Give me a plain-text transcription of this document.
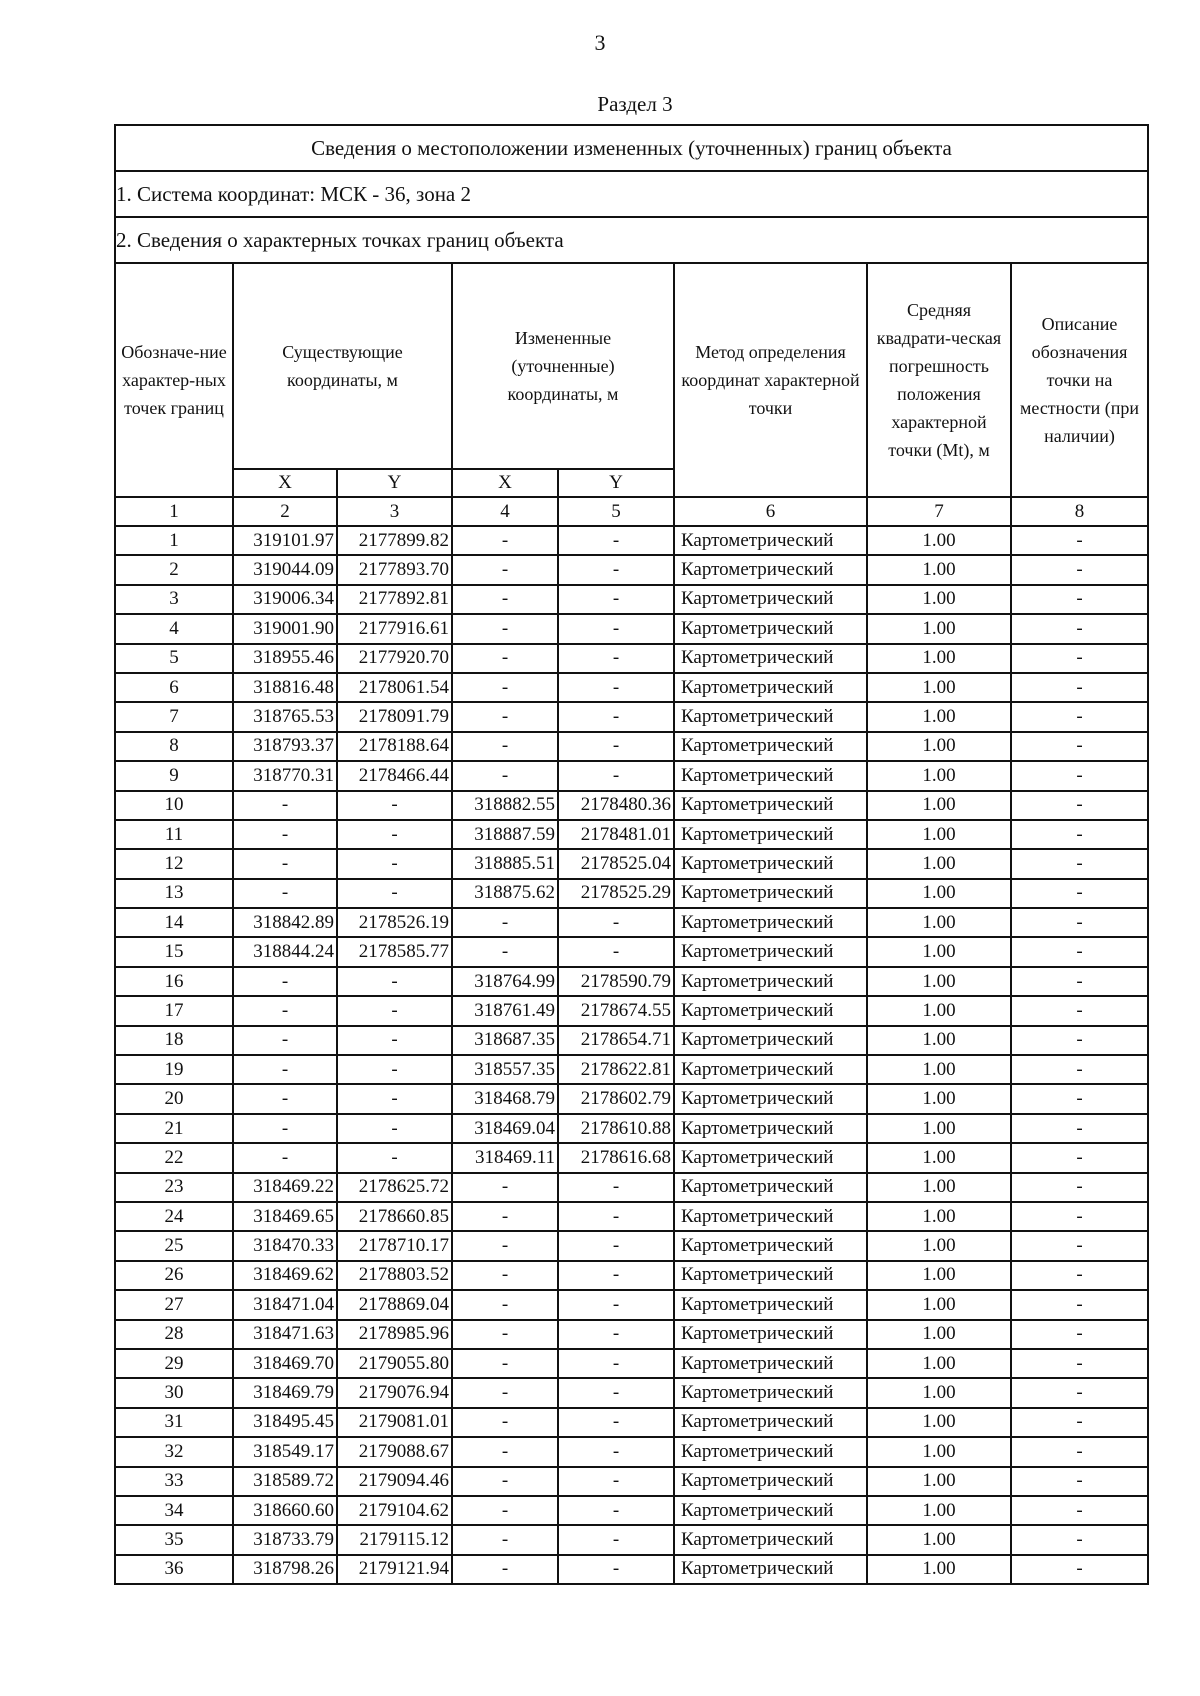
3
Раздел 3
Сведения о местоположении измененных (уточненных) границ объекта							
1. Система координат: МСК - 36, зона 2							
2. Сведения о характерных точках границ объекта							
Обозначе-ние характер-ных точек границ	Существующие координаты, м		Измененные (уточненные) координаты, м		Метод определения координат характерной точки	Средняя квадрати-ческая погрешность положения характерной точки (Mt), м	Описание обозначения точки на местности (при наличии)
	X	Y	X	Y			
1	2	3	4	5	6	7	8
1	319101.97	2177899.82	-	-	Картометрический	1.00	-
2	319044.09	2177893.70	-	-	Картометрический	1.00	-
3	319006.34	2177892.81	-	-	Картометрический	1.00	-
4	319001.90	2177916.61	-	-	Картометрический	1.00	-
5	318955.46	2177920.70	-	-	Картометрический	1.00	-
6	318816.48	2178061.54	-	-	Картометрический	1.00	-
7	318765.53	2178091.79	-	-	Картометрический	1.00	-
8	318793.37	2178188.64	-	-	Картометрический	1.00	-
9	318770.31	2178466.44	-	-	Картометрический	1.00	-
10	-	-	318882.55	2178480.36	Картометрический	1.00	-
11	-	-	318887.59	2178481.01	Картометрический	1.00	-
12	-	-	318885.51	2178525.04	Картометрический	1.00	-
13	-	-	318875.62	2178525.29	Картометрический	1.00	-
14	318842.89	2178526.19	-	-	Картометрический	1.00	-
15	318844.24	2178585.77	-	-	Картометрический	1.00	-
16	-	-	318764.99	2178590.79	Картометрический	1.00	-
17	-	-	318761.49	2178674.55	Картометрический	1.00	-
18	-	-	318687.35	2178654.71	Картометрический	1.00	-
19	-	-	318557.35	2178622.81	Картометрический	1.00	-
20	-	-	318468.79	2178602.79	Картометрический	1.00	-
21	-	-	318469.04	2178610.88	Картометрический	1.00	-
22	-	-	318469.11	2178616.68	Картометрический	1.00	-
23	318469.22	2178625.72	-	-	Картометрический	1.00	-
24	318469.65	2178660.85	-	-	Картометрический	1.00	-
25	318470.33	2178710.17	-	-	Картометрический	1.00	-
26	318469.62	2178803.52	-	-	Картометрический	1.00	-
27	318471.04	2178869.04	-	-	Картометрический	1.00	-
28	318471.63	2178985.96	-	-	Картометрический	1.00	-
29	318469.70	2179055.80	-	-	Картометрический	1.00	-
30	318469.79	2179076.94	-	-	Картометрический	1.00	-
31	318495.45	2179081.01	-	-	Картометрический	1.00	-
32	318549.17	2179088.67	-	-	Картометрический	1.00	-
33	318589.72	2179094.46	-	-	Картометрический	1.00	-
34	318660.60	2179104.62	-	-	Картометрический	1.00	-
35	318733.79	2179115.12	-	-	Картометрический	1.00	-
36	318798.26	2179121.94	-	-	Картометрический	1.00	-
